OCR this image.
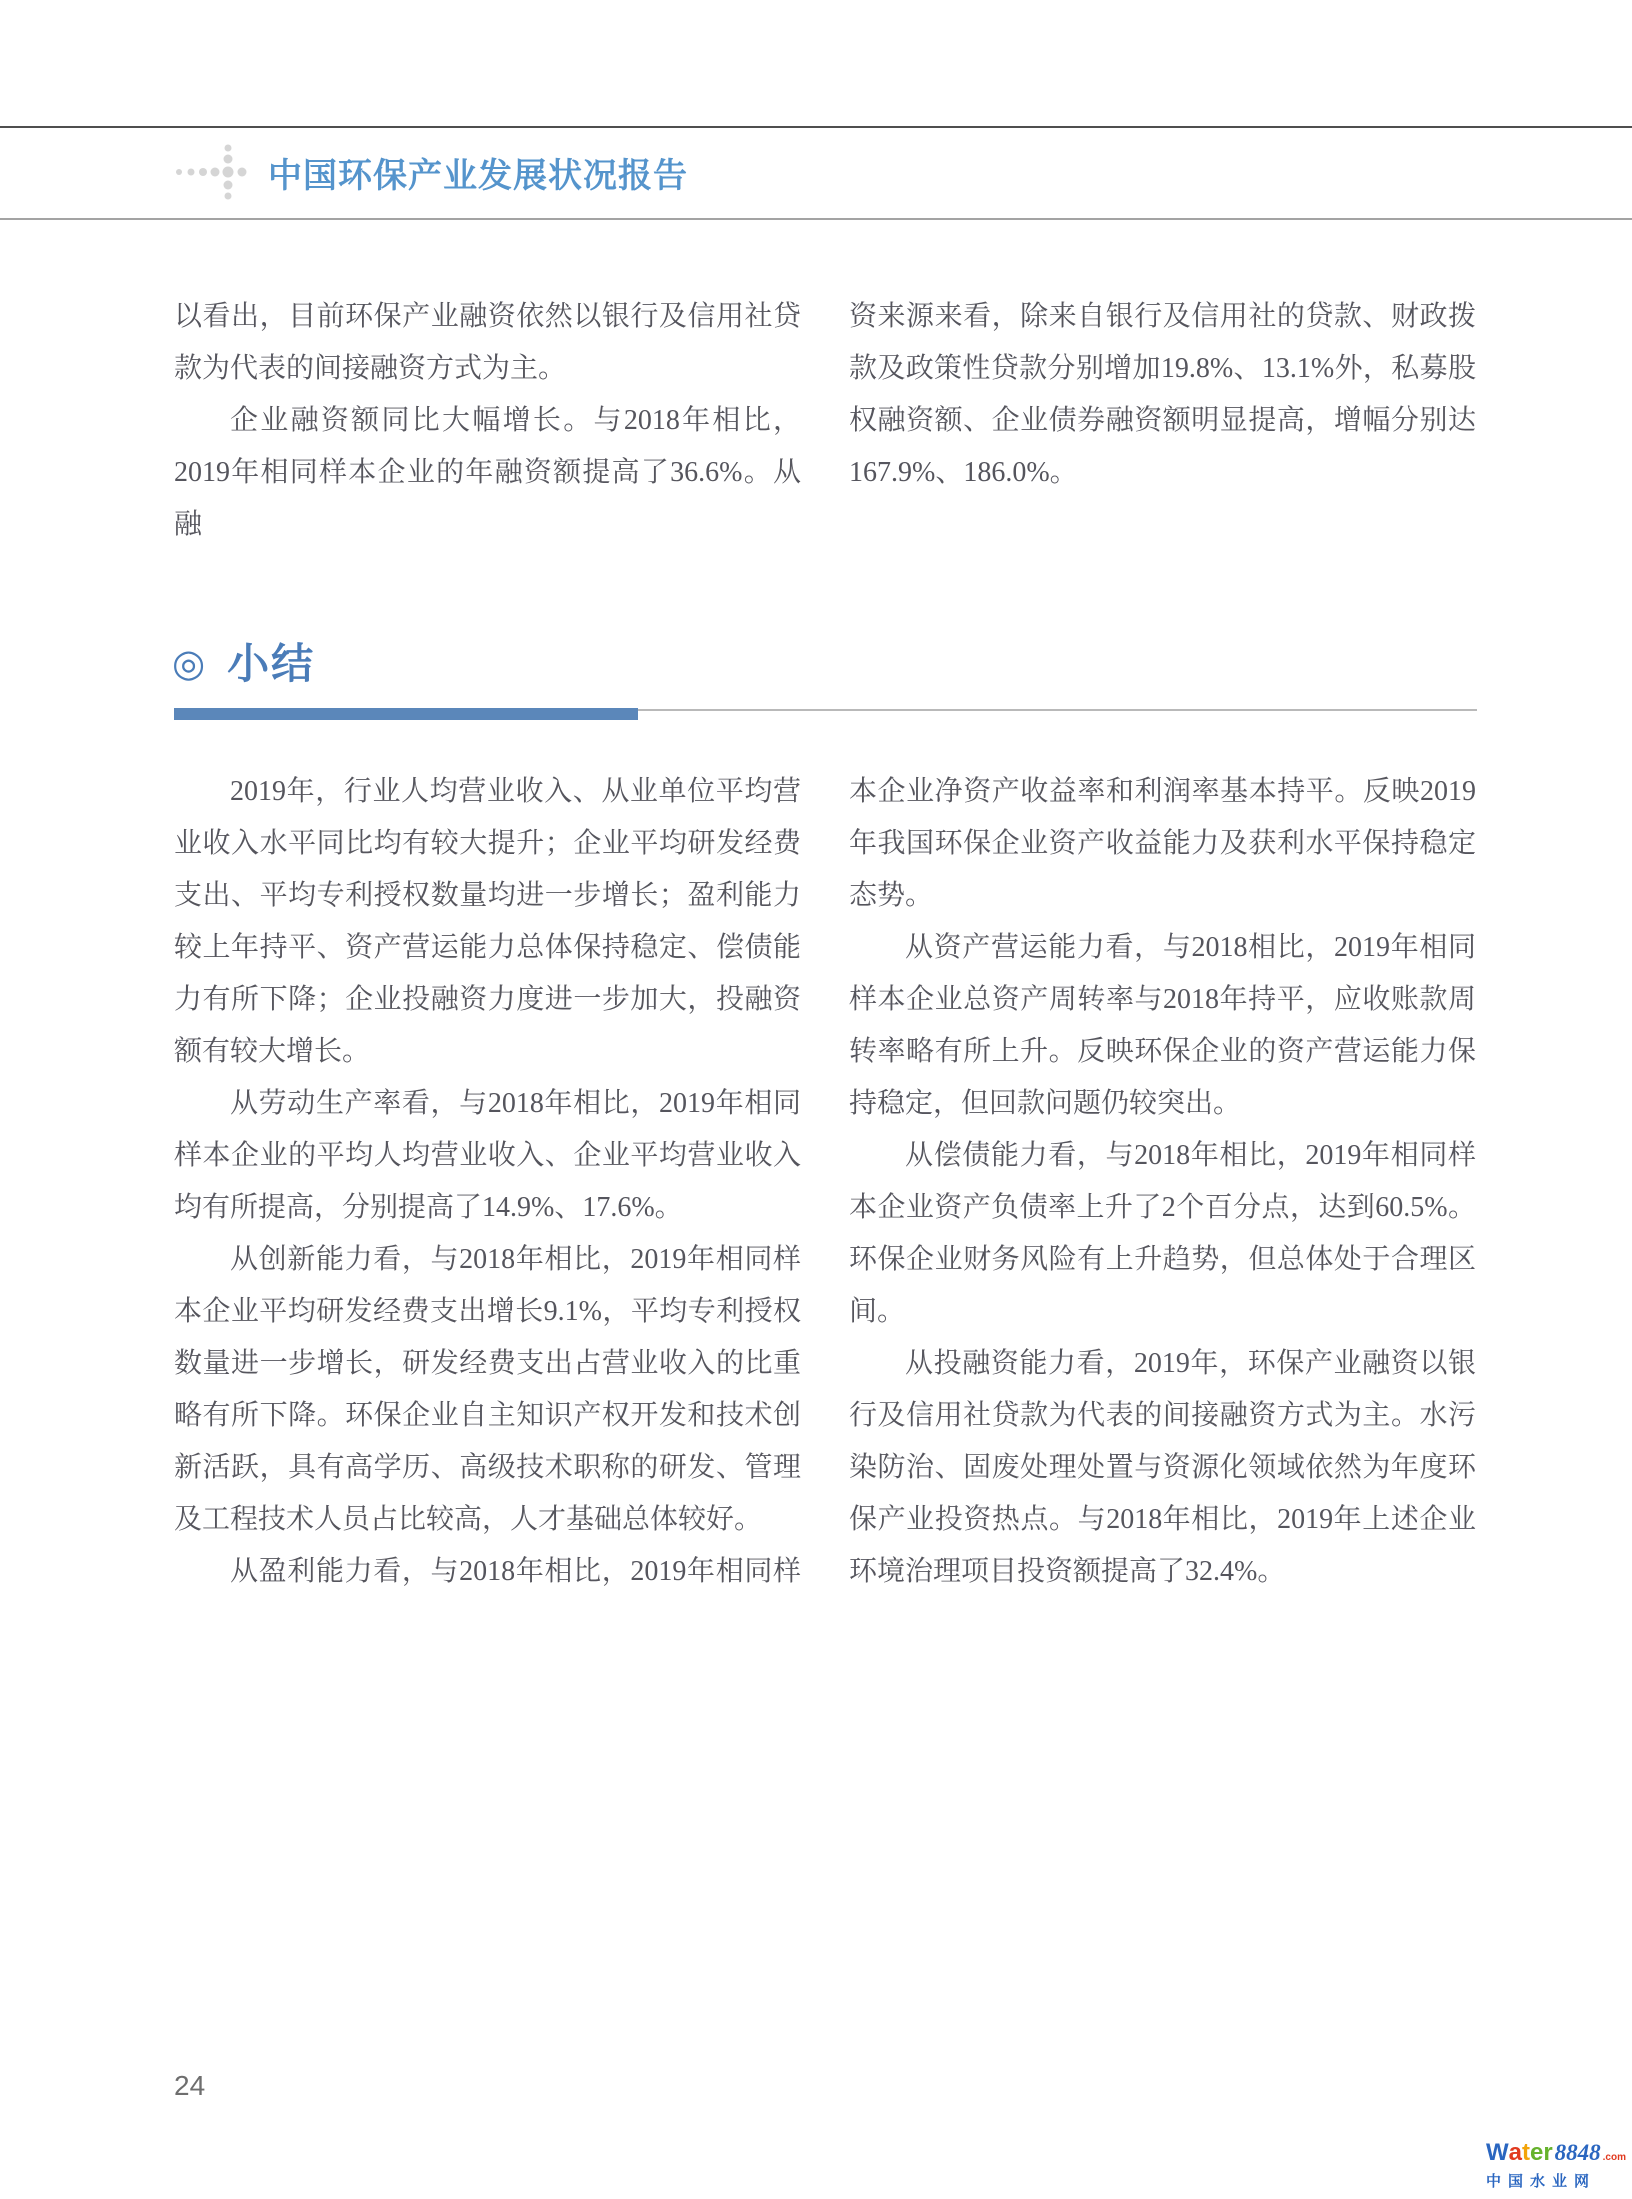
中国环保产业发展状况报告
以看出，目前环保产业融资依然以银行及信用社贷
款为代表的间接融资方式为主。
企业融资额同比大幅增长。与2018年相比，
2019年相同样本企业的年融资额提高了36.6%。从融
资来源来看，除来自银行及信用社的贷款、财政拨
款及政策性贷款分别增加19.8%、13.1%外，私募股
权融资额、企业债券融资额明显提高，增幅分别达
167.9%、186.0%。
◎ 小结
2019年，行业人均营业收入、从业单位平均营
业收入水平同比均有较大提升；企业平均研发经费
支出、平均专利授权数量均进一步增长；盈利能力
较上年持平、资产营运能力总体保持稳定、偿债能
力有所下降；企业投融资力度进一步加大，投融资
额有较大增长。
从劳动生产率看，与2018年相比，2019年相同
样本企业的平均人均营业收入、企业平均营业收入
均有所提高，分别提高了14.9%、17.6%。
从创新能力看，与2018年相比，2019年相同样
本企业平均研发经费支出增长9.1%，平均专利授权
数量进一步增长，研发经费支出占营业收入的比重
略有所下降。环保企业自主知识产权开发和技术创
新活跃，具有高学历、高级技术职称的研发、管理
及工程技术人员占比较高，人才基础总体较好。
从盈利能力看，与2018年相比，2019年相同样
本企业净资产收益率和利润率基本持平。反映2019
年我国环保企业资产收益能力及获利水平保持稳定
态势。
从资产营运能力看，与2018相比，2019年相同
样本企业总资产周转率与2018年持平，应收账款周
转率略有所上升。反映环保企业的资产营运能力保
持稳定，但回款问题仍较突出。
从偿债能力看，与2018年相比，2019年相同样
本企业资产负债率上升了2个百分点，达到60.5%。
环保企业财务风险有上升趋势，但总体处于合理区
间。
从投融资能力看，2019年，环保产业融资以银
行及信用社贷款为代表的间接融资方式为主。水污
染防治、固废处理处置与资源化领域依然为年度环
保产业投资热点。与2018年相比，2019年上述企业
环境治理项目投资额提高了32.4%。
24
W a t e r 8848 .com
中国水业网
